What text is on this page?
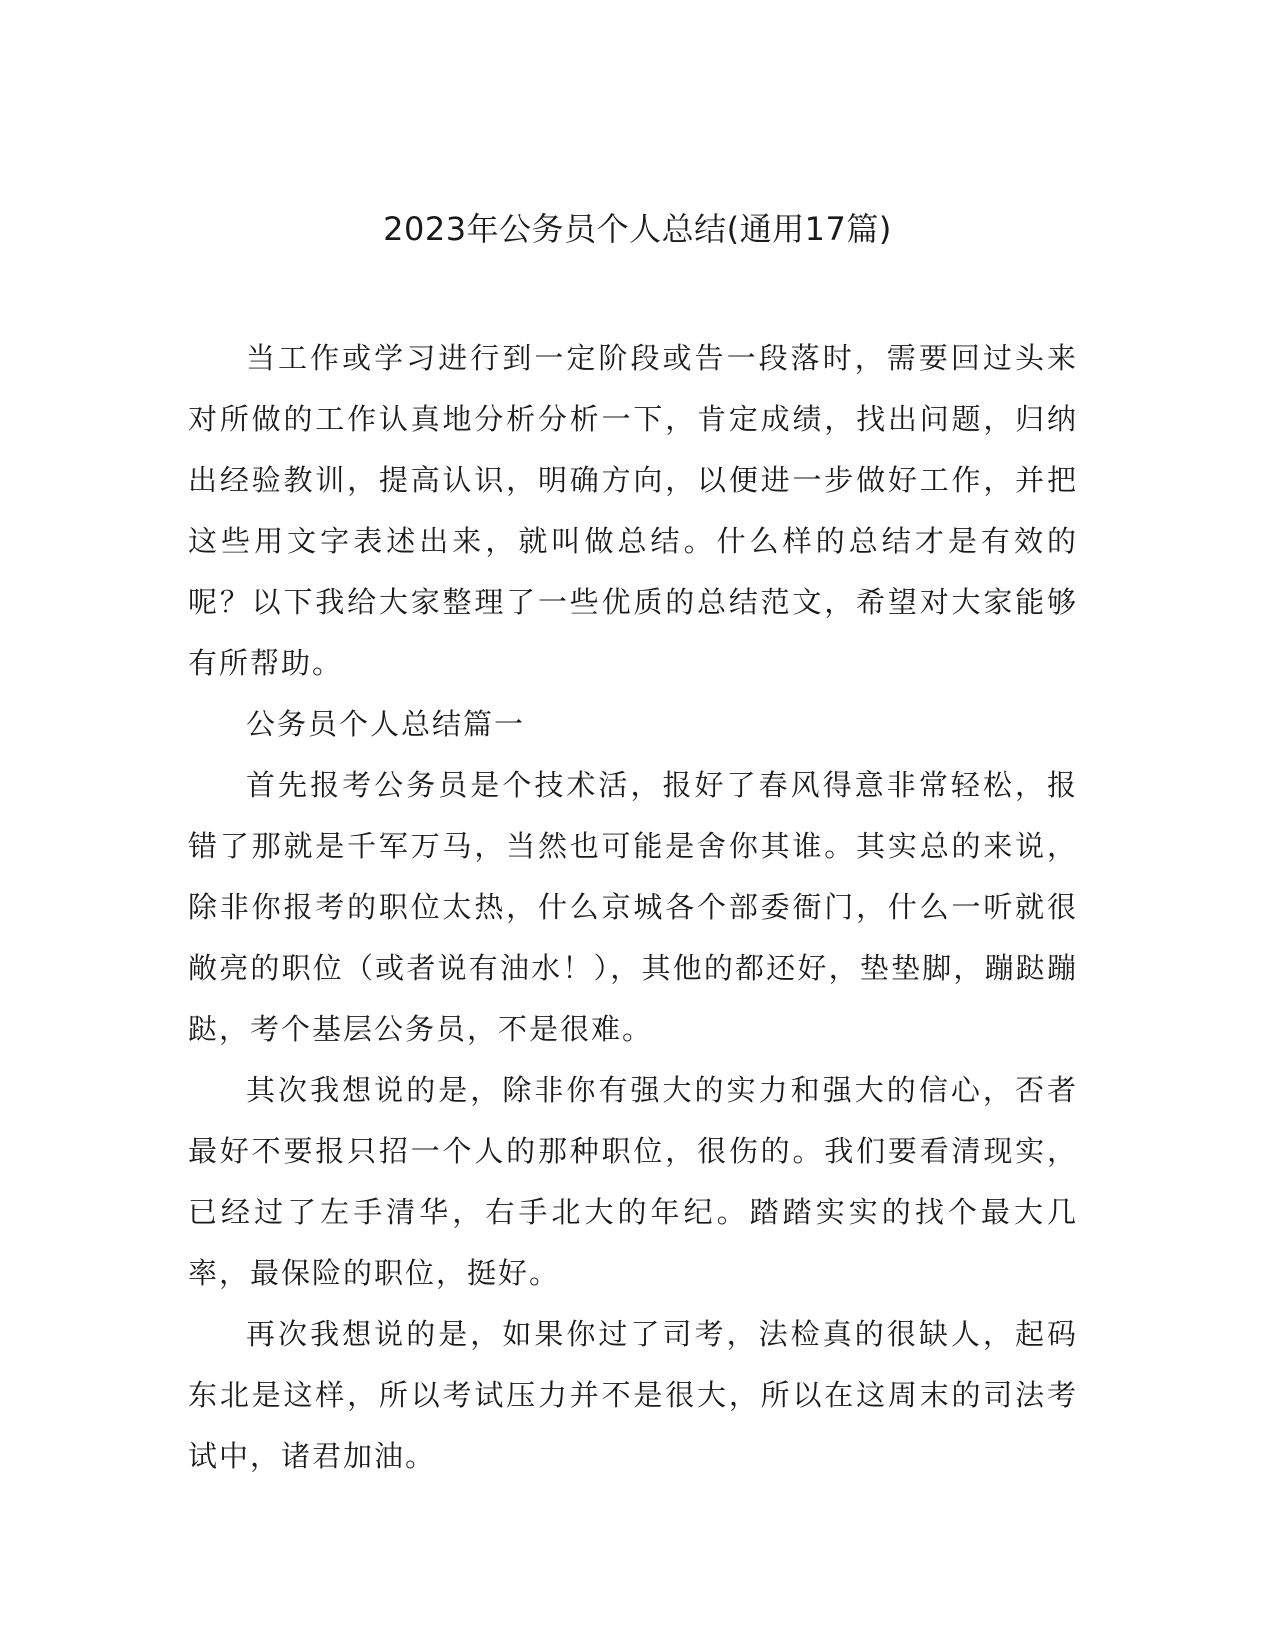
2023年公务员个人总结(通用17篇)

当工作或学习进行到一定阶段或告一段落时，需要回过头来对所做的工作认真地分析分析一下，肯定成绩，找出问题，归纳出经验教训，提高认识，明确方向，以便进一步做好工作，并把这些用文字表述出来，就叫做总结。什么样的总结才是有效的呢？以下我给大家整理了一些优质的总结范文，希望对大家能够有所帮助。

公务员个人总结篇一

首先报考公务员是个技术活，报好了春风得意非常轻松，报错了那就是千军万马，当然也可能是舍你其谁。其实总的来说，除非你报考的职位太热，什么京城各个部委衙门，什么一听就很敞亮的职位（或者说有油水！），其他的都还好，垫垫脚，蹦跶蹦跶，考个基层公务员，不是很难。

其次我想说的是，除非你有强大的实力和强大的信心，否者最好不要报只招一个人的那种职位，很伤的。我们要看清现实，已经过了左手清华，右手北大的年纪。踏踏实实的找个最大几率，最保险的职位，挺好。

再次我想说的是，如果你过了司考，法检真的很缺人，起码东北是这样，所以考试压力并不是很大，所以在这周末的司法考试中，诸君加油。
